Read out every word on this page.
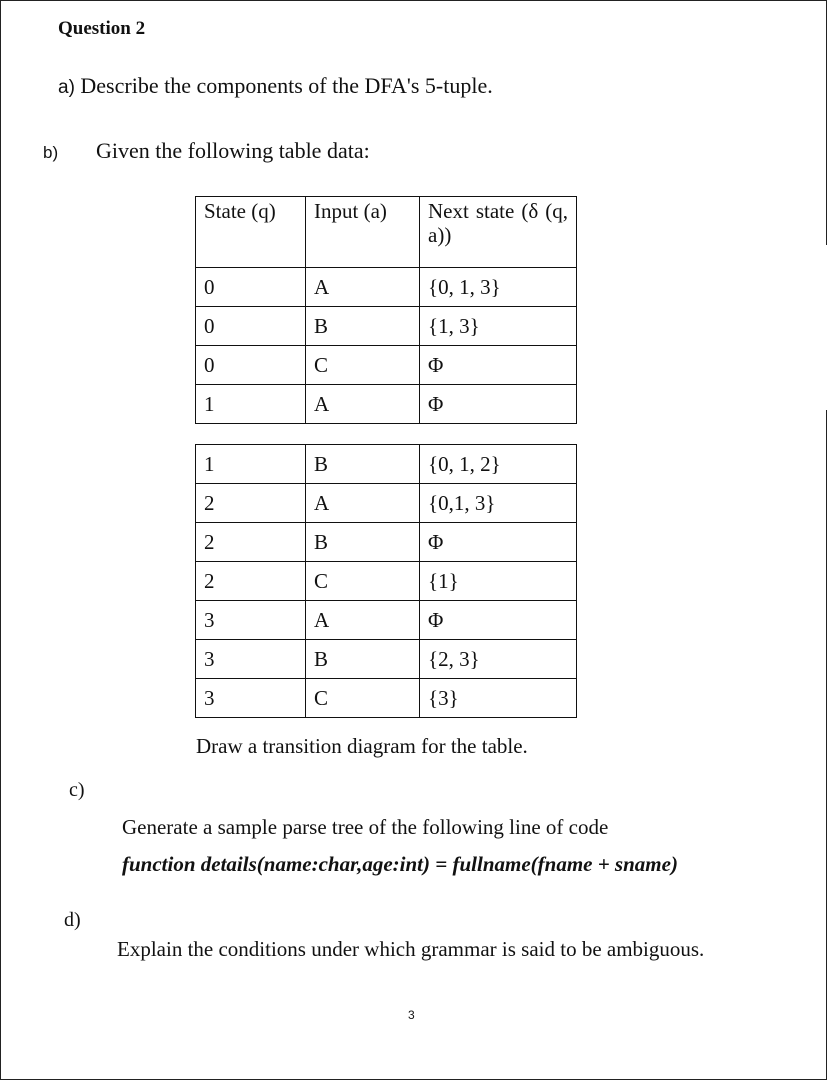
Question 2
a) Describe the components of the DFA's 5-tuple.
b) Given the following table data:
State (q)	Input (a)	Next state (δ (q, a))
0	A	{0, 1, 3}
0	B	{1, 3}
0	C	Φ
1	A	Φ
1	B	{0, 1, 2}
2	A	{0,1, 3}
2	B	Φ
2	C	{1}
3	A	Φ
3	B	{2, 3}
3	C	{3}
Draw a transition diagram for the table.
c)
Generate a sample parse tree of the following line of code
function details(name:char,age:int) = fullname(fname + sname)
d)
Explain the conditions under which grammar is said to be ambiguous.
3
